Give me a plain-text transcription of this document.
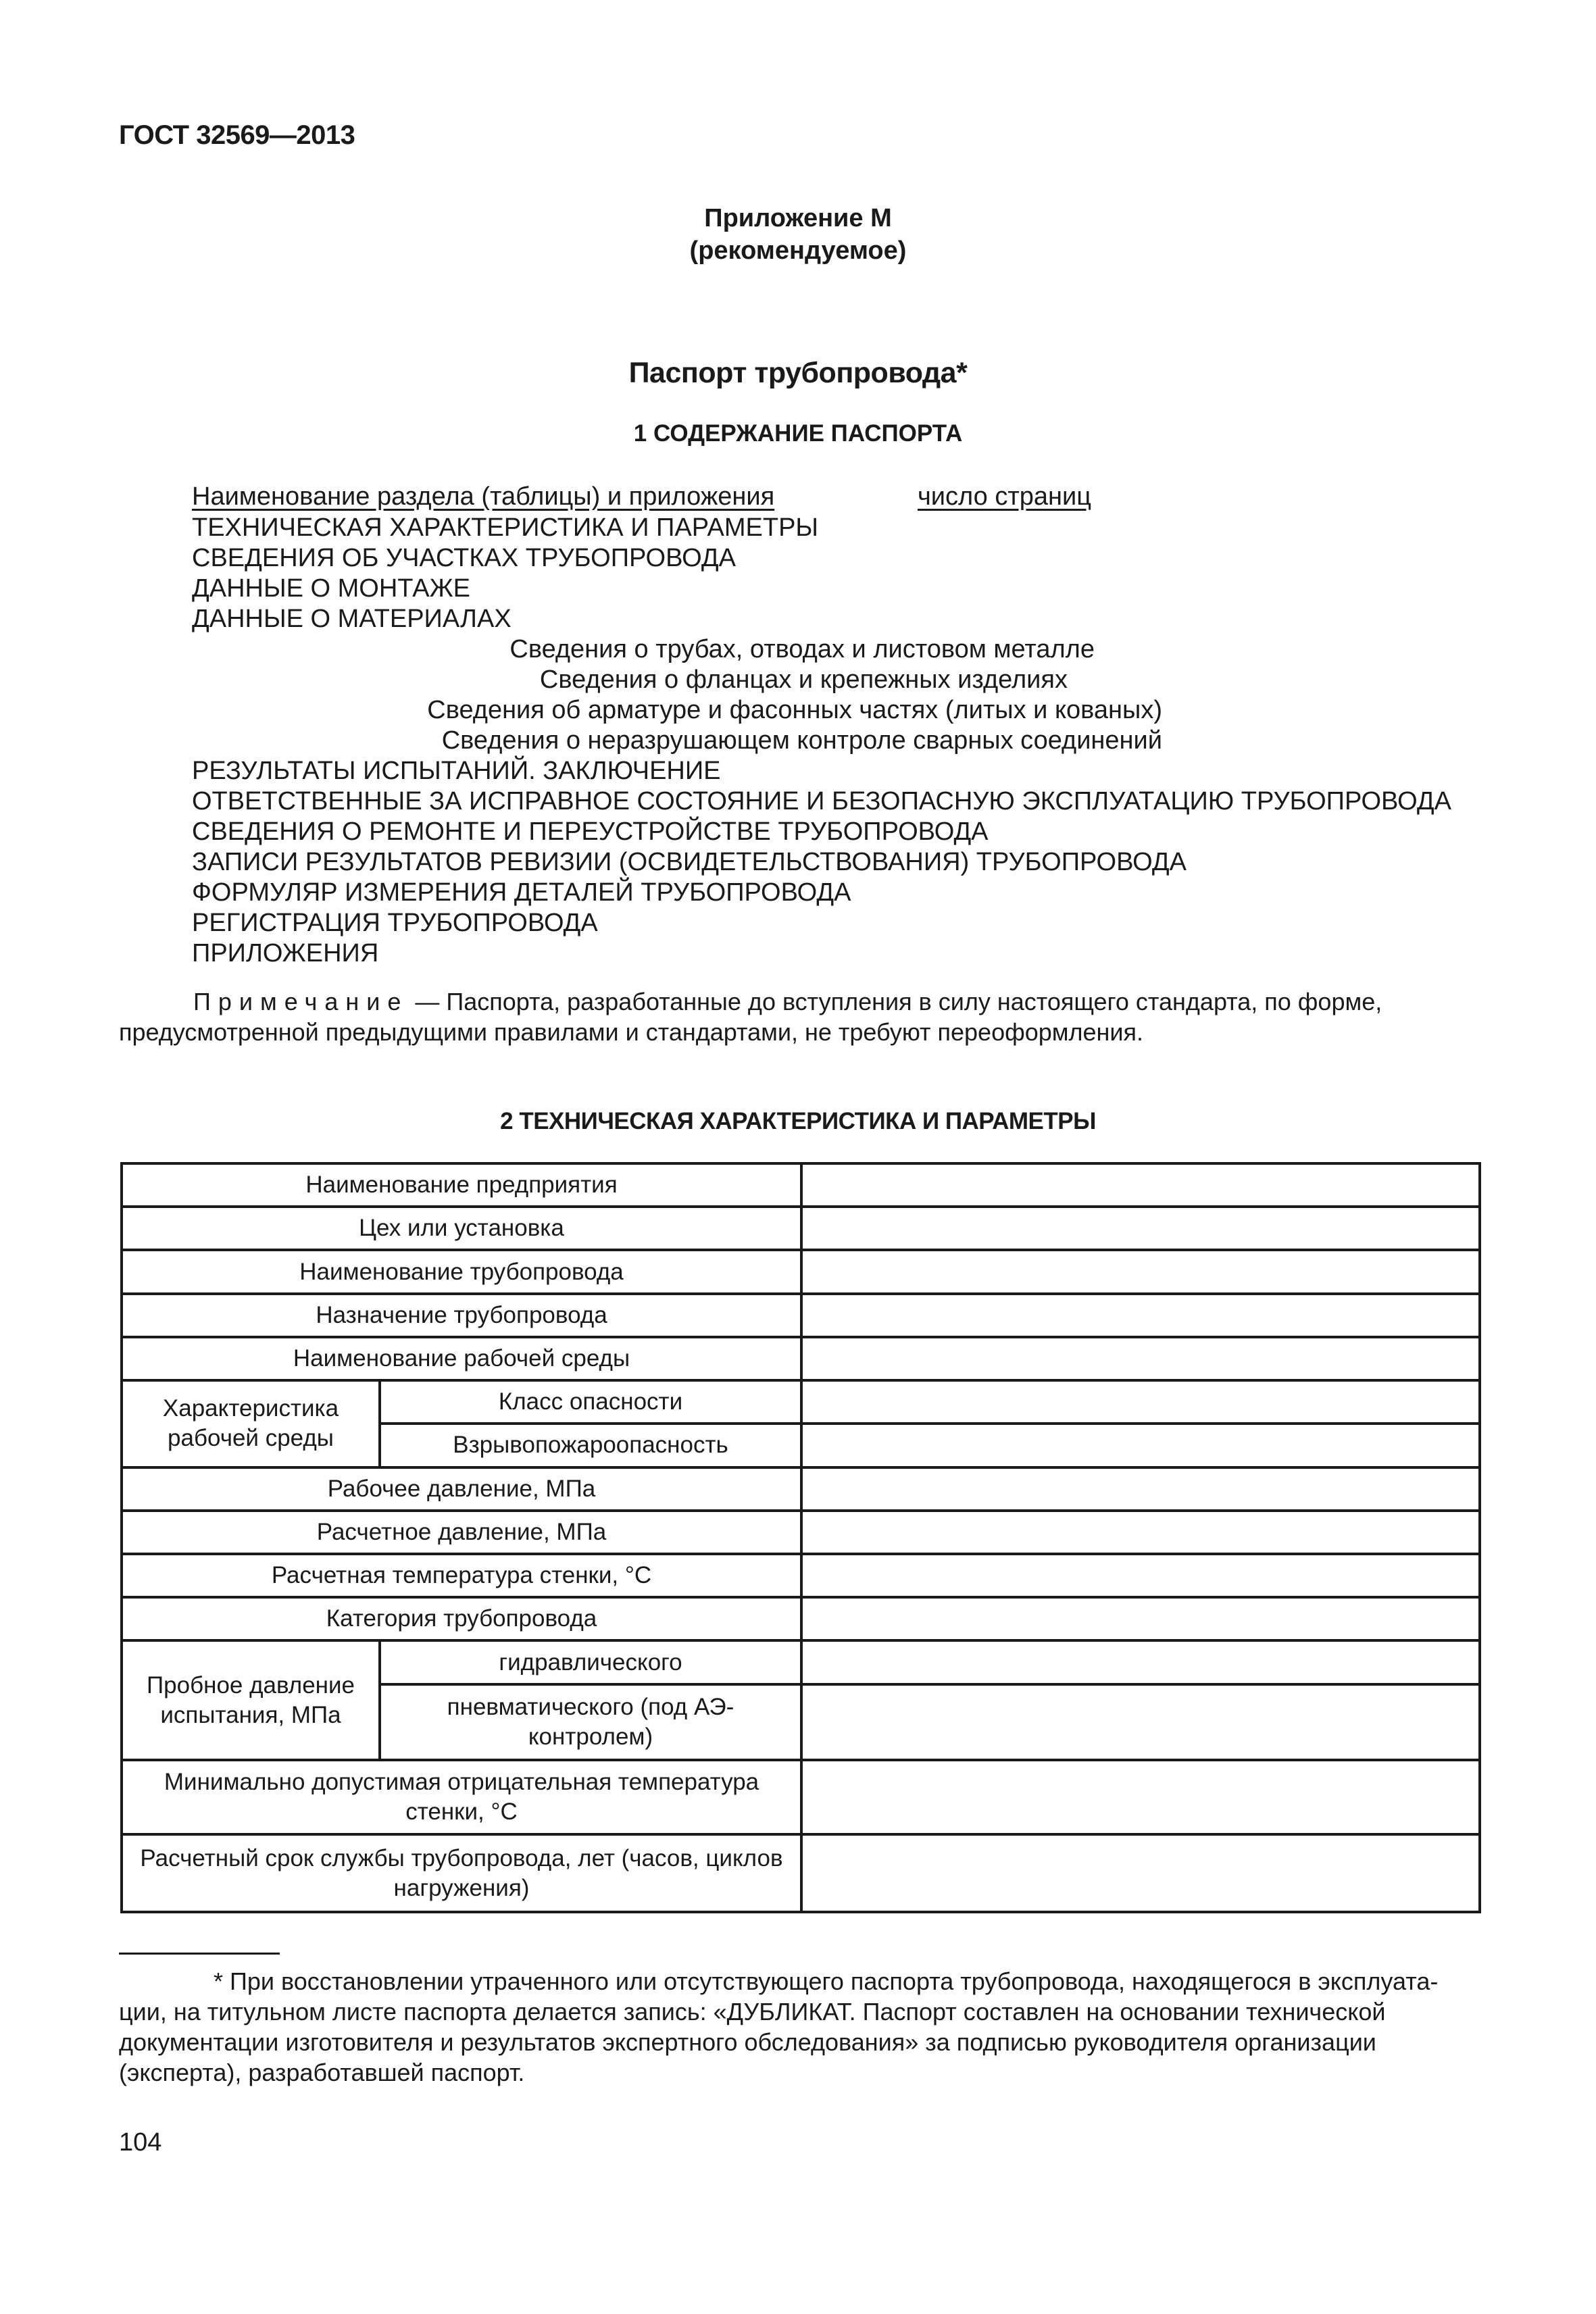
ГОСТ 32569—2013
Приложение М
(рекомендуемое)
Паспорт трубопровода*
1 СОДЕРЖАНИЕ ПАСПОРТА
Наименование раздела (таблицы) и приложения	число страниц
ТЕХНИЧЕСКАЯ ХАРАКТЕРИСТИКА И ПАРАМЕТРЫ
СВЕДЕНИЯ ОБ УЧАСТКАХ ТРУБОПРОВОДА
ДАННЫЕ О МОНТАЖЕ
ДАННЫЕ О МАТЕРИАЛАХ
Сведения о трубах, отводах и листовом металле
Сведения о фланцах и крепежных изделиях
Сведения об арматуре и фасонных частях (литых и кованых)
Сведения о неразрушающем контроле сварных соединений
РЕЗУЛЬТАТЫ ИСПЫТАНИЙ. ЗАКЛЮЧЕНИЕ
ОТВЕТСТВЕННЫЕ ЗА ИСПРАВНОЕ СОСТОЯНИЕ И БЕЗОПАСНУЮ ЭКСПЛУАТАЦИЮ ТРУБОПРОВОДА
СВЕДЕНИЯ О РЕМОНТЕ И ПЕРЕУСТРОЙСТВЕ ТРУБОПРОВОДА
ЗАПИСИ РЕЗУЛЬТАТОВ РЕВИЗИИ (ОСВИДЕТЕЛЬСТВОВАНИЯ) ТРУБОПРОВОДА
ФОРМУЛЯР ИЗМЕРЕНИЯ ДЕТАЛЕЙ ТРУБОПРОВОДА
РЕГИСТРАЦИЯ ТРУБОПРОВОДА
ПРИЛОЖЕНИЯ
Примечание — Паспорта, разработанные до вступления в силу настоящего стандарта, по форме, предусмотренной предыдущими правилами и стандартами, не требуют переоформления.
2 ТЕХНИЧЕСКАЯ ХАРАКТЕРИСТИКА И ПАРАМЕТРЫ
Наименование предприятия		
Цех или установка		
Наименование трубопровода		
Назначение трубопровода		
Наименование рабочей среды		
Характеристика рабочей среды	Класс опасности	
	Взрывопожароопасность	
Рабочее давление, МПа		
Расчетное давление, МПа		
Расчетная температура стенки, °С		
Категория трубопровода		
Пробное давление испытания, МПа	гидравлического	
	пневматического (под АЭ-контролем)	
Минимально допустимая отрицательная температура стенки, °С		
Расчетный срок службы трубопровода, лет (часов, циклов нагружения)		
* При восстановлении утраченного или отсутствующего паспорта трубопровода, находящегося в эксплуата-
ции, на титульном листе паспорта делается запись: «ДУБЛИКАТ. Паспорт составлен на основании технической
документации изготовителя и результатов экспертного обследования» за подписью руководителя организации
(эксперта), разработавшей паспорт.
104
